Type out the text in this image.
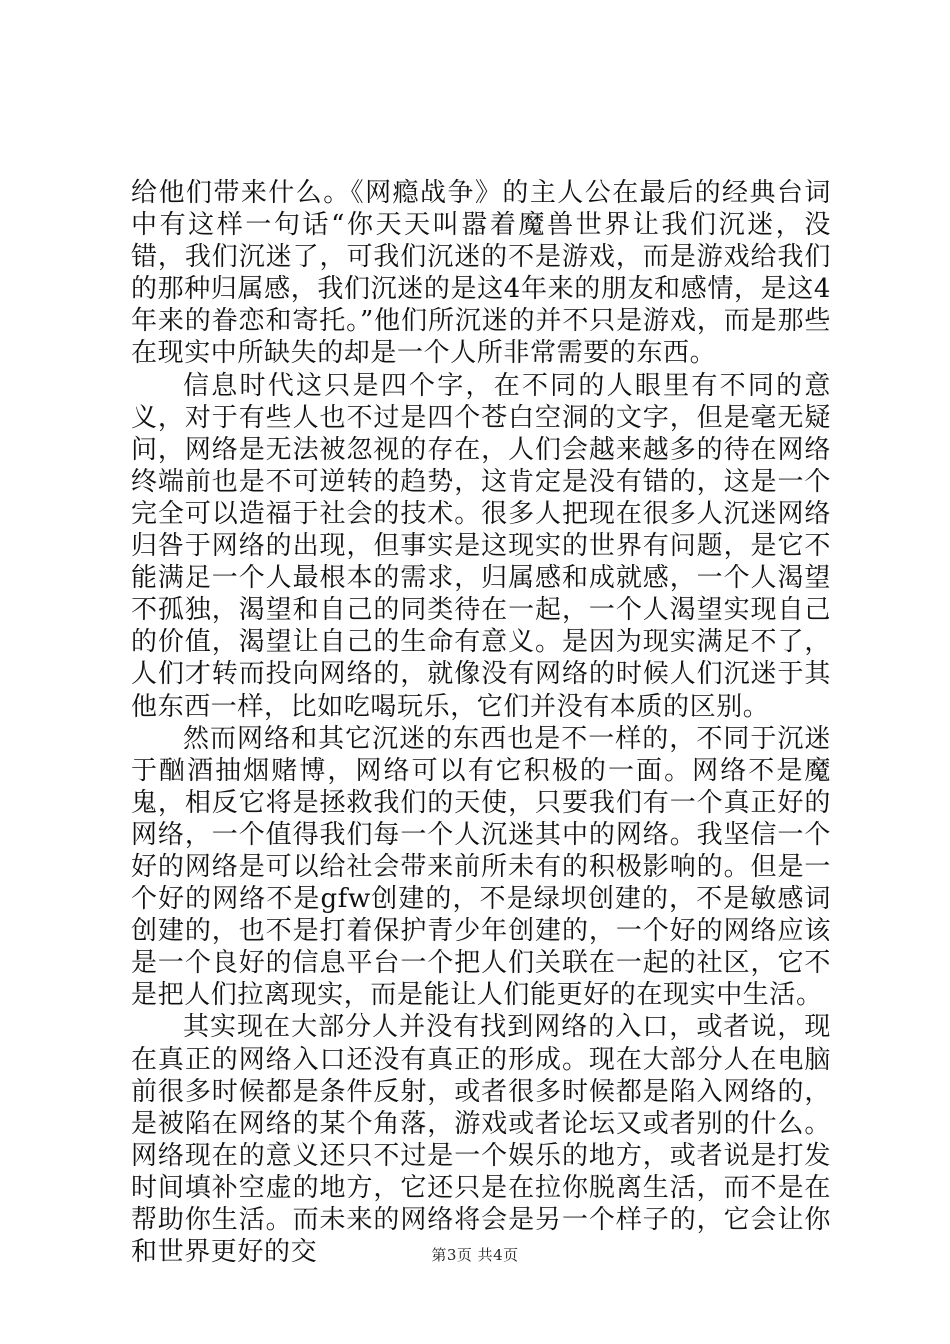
给他们带来什么。《网瘾战争》的主人公在最后的经典台词中有这样一句话“你天天叫嚣着魔兽世界让我们沉迷，没错，我们沉迷了，可我们沉迷的不是游戏，而是游戏给我们的那种归属感，我们沉迷的是这4年来的朋友和感情，是这4年来的眷恋和寄托。”他们所沉迷的并不只是游戏，而是那些在现实中所缺失的却是一个人所非常需要的东西。

信息时代这只是四个字，在不同的人眼里有不同的意义，对于有些人也不过是四个苍白空洞的文字，但是毫无疑问，网络是无法被忽视的存在，人们会越来越多的待在网络终端前也是不可逆转的趋势，这肯定是没有错的，这是一个完全可以造福于社会的技术。很多人把现在很多人沉迷网络归咎于网络的出现，但事实是这现实的世界有问题，是它不能满足一个人最根本的需求，归属感和成就感，一个人渴望不孤独，渴望和自己的同类待在一起，一个人渴望实现自己的价值，渴望让自己的生命有意义。是因为现实满足不了，人们才转而投向网络的，就像没有网络的时候人们沉迷于其他东西一样，比如吃喝玩乐，它们并没有本质的区别。

然而网络和其它沉迷的东西也是不一样的，不同于沉迷于酗酒抽烟赌博，网络可以有它积极的一面。网络不是魔鬼，相反它将是拯救我们的天使，只要我们有一个真正好的网络，一个值得我们每一个人沉迷其中的网络。我坚信一个好的网络是可以给社会带来前所未有的积极影响的。但是一个好的网络不是gfw创建的，不是绿坝创建的，不是敏感词创建的，也不是打着保护青少年创建的，一个好的网络应该是一个良好的信息平台一个把人们关联在一起的社区，它不是把人们拉离现实，而是能让人们能更好的在现实中生活。

其实现在大部分人并没有找到网络的入口，或者说，现在真正的网络入口还没有真正的形成。现在大部分人在电脑前很多时候都是条件反射，或者很多时候都是陷入网络的，是被陷在网络的某个角落，游戏或者论坛又或者别的什么。网络现在的意义还只不过是一个娱乐的地方，或者说是打发时间填补空虚的地方，它还只是在拉你脱离生活，而不是在帮助你生活。而未来的网络将会是另一个样子的，它会让你和世界更好的交	第3页 共4页
